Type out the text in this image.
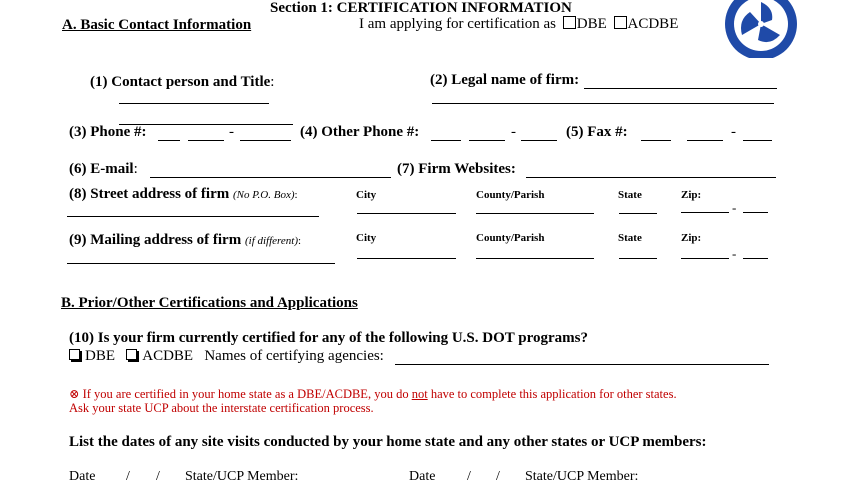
Section 1: CERTIFICATION INFORMATION
A. Basic Contact Information	I am applying for certification as DBE ACDBE
(1) Contact person and Title:	(2) Legal name of firm:
(3) Phone #:	-	(4) Other Phone #:	-	(5) Fax #:	-
(6) E-mail:	(7) Firm Websites:
(8) Street address of firm (No P.O. Box):	City	County/Parish	State	Zip:
-
(9) Mailing address of firm (if different):	City	County/Parish	State	Zip:
-
B. Prior/Other Certifications and Applications
(10) Is your firm currently certified for any of the following U.S. DOT programs?
DBE ACDBE Names of certifying agencies:
⊗ If you are certified in your home state as a DBE/ACDBE, you do not have to complete this application for other states.
Ask your state UCP about the interstate certification process.
List the dates of any site visits conducted by your home state and any other states or UCP members:
Date / / State/UCP Member:	Date / / State/UCP Member:
